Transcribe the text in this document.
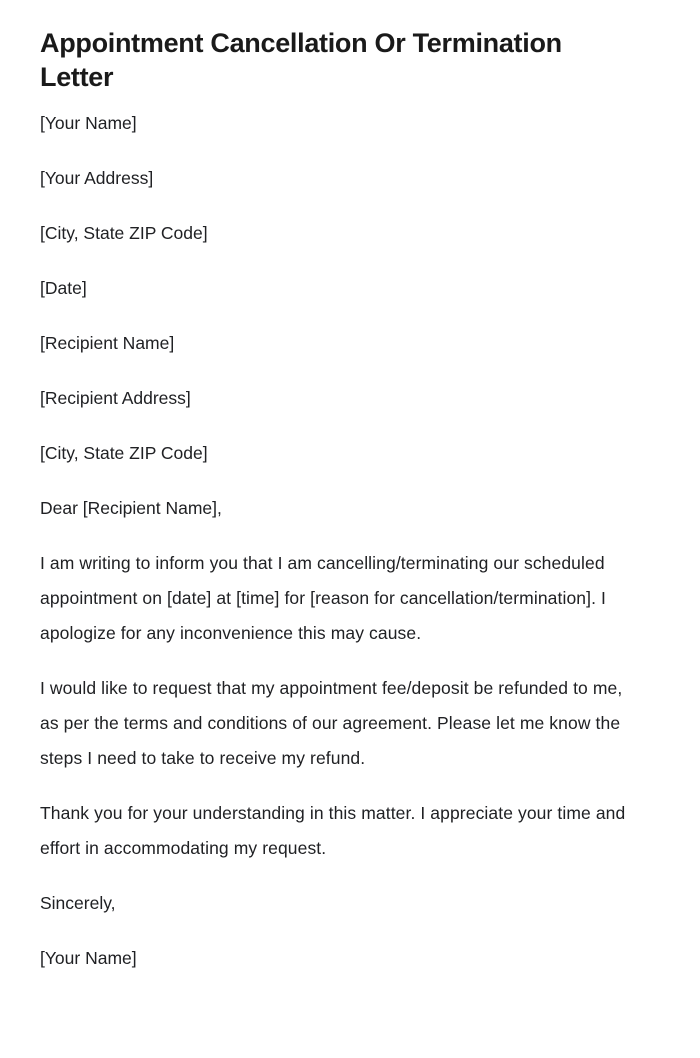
Appointment Cancellation Or Termination Letter

[Your Name]

[Your Address]

[City, State ZIP Code]

[Date]

[Recipient Name]

[Recipient Address]

[City, State ZIP Code]

Dear [Recipient Name],

I am writing to inform you that I am cancelling/terminating our scheduled appointment on [date] at [time] for [reason for cancellation/termination]. I apologize for any inconvenience this may cause.

I would like to request that my appointment fee/deposit be refunded to me, as per the terms and conditions of our agreement. Please let me know the steps I need to take to receive my refund.

Thank you for your understanding in this matter. I appreciate your time and effort in accommodating my request.

Sincerely,

[Your Name]
